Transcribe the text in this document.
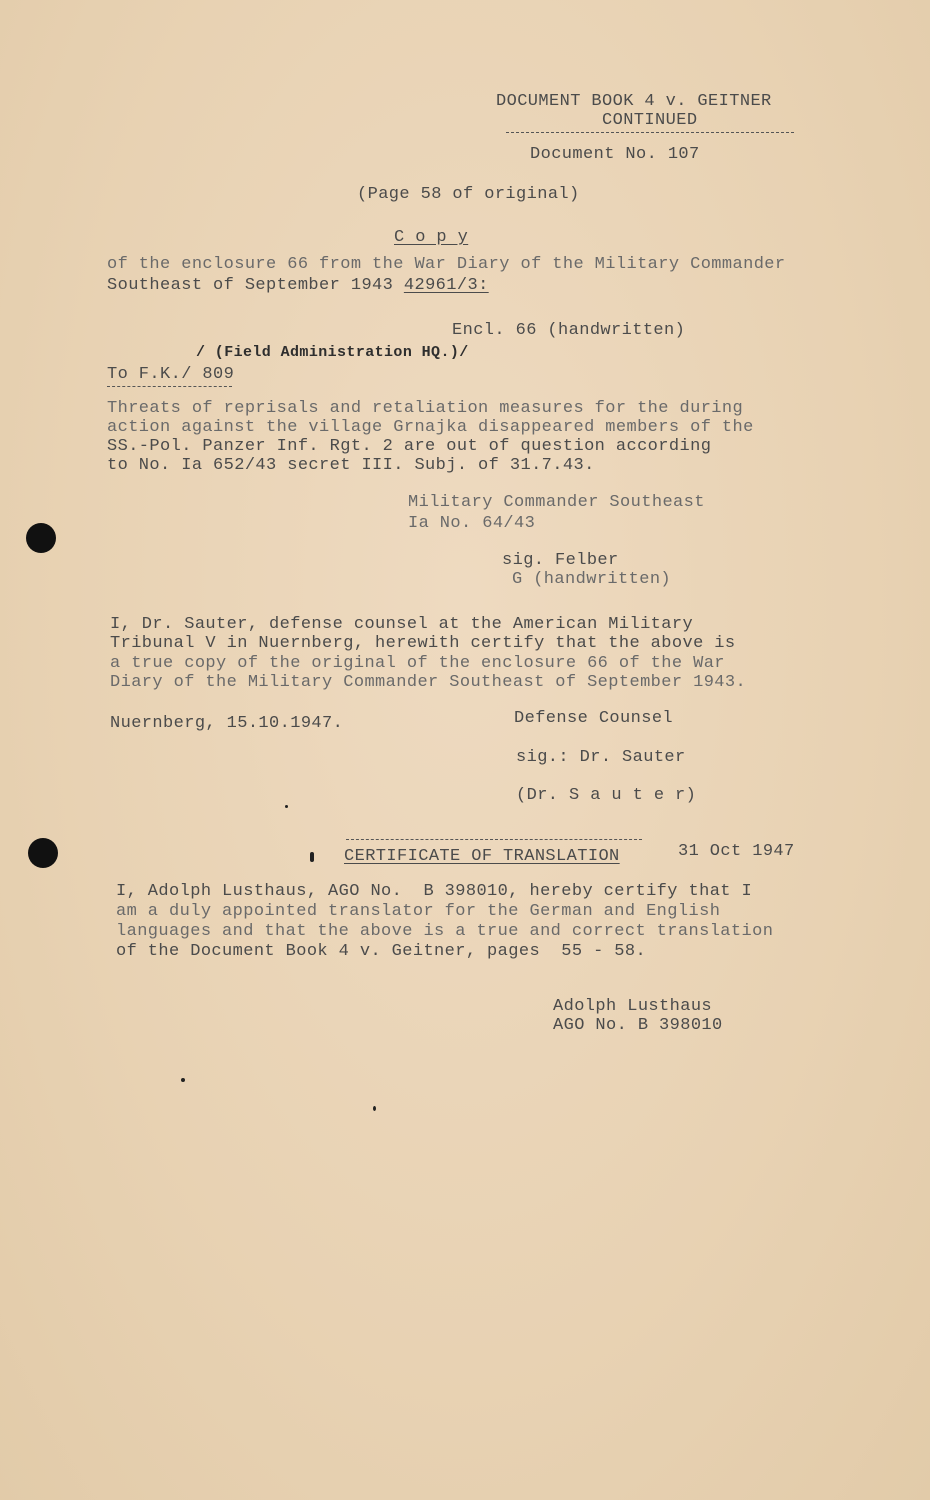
DOCUMENT BOOK 4 v. GEITNER
CONTINUED
Document No. 107
(Page 58 of original)
C o p y
of the enclosure 66 from the War Diary of the Military Commander
Southeast of September 1943 42961/3:
Encl. 66 (handwritten)
/ (Field Administration HQ.)/
To F.K./ 809
Threats of reprisals and retaliation measures for the during
action against the village Grnajka disappeared members of the
SS.-Pol. Panzer Inf. Rgt. 2 are out of question according
to No. Ia 652/43 secret III. Subj. of 31.7.43.
Military Commander Southeast
Ia No. 64/43
sig. Felber
G (handwritten)
I, Dr. Sauter, defense counsel at the American Military
Tribunal V in Nuernberg, herewith certify that the above is
a true copy of the original of the enclosure 66 of the War
Diary of the Military Commander Southeast of September 1943.
Nuernberg, 15.10.1947.	Defense Counsel
sig.: Dr. Sauter
(Dr. S a u t e r)
CERTIFICATE OF TRANSLATION	31 Oct 1947
I, Adolph Lusthaus, AGO No.  B 398010, hereby certify that I
am a duly appointed translator for the German and English
languages and that the above is a true and correct translation
of the Document Book 4 v. Geitner, pages  55 - 58.
Adolph Lusthaus
AGO No. B 398010
